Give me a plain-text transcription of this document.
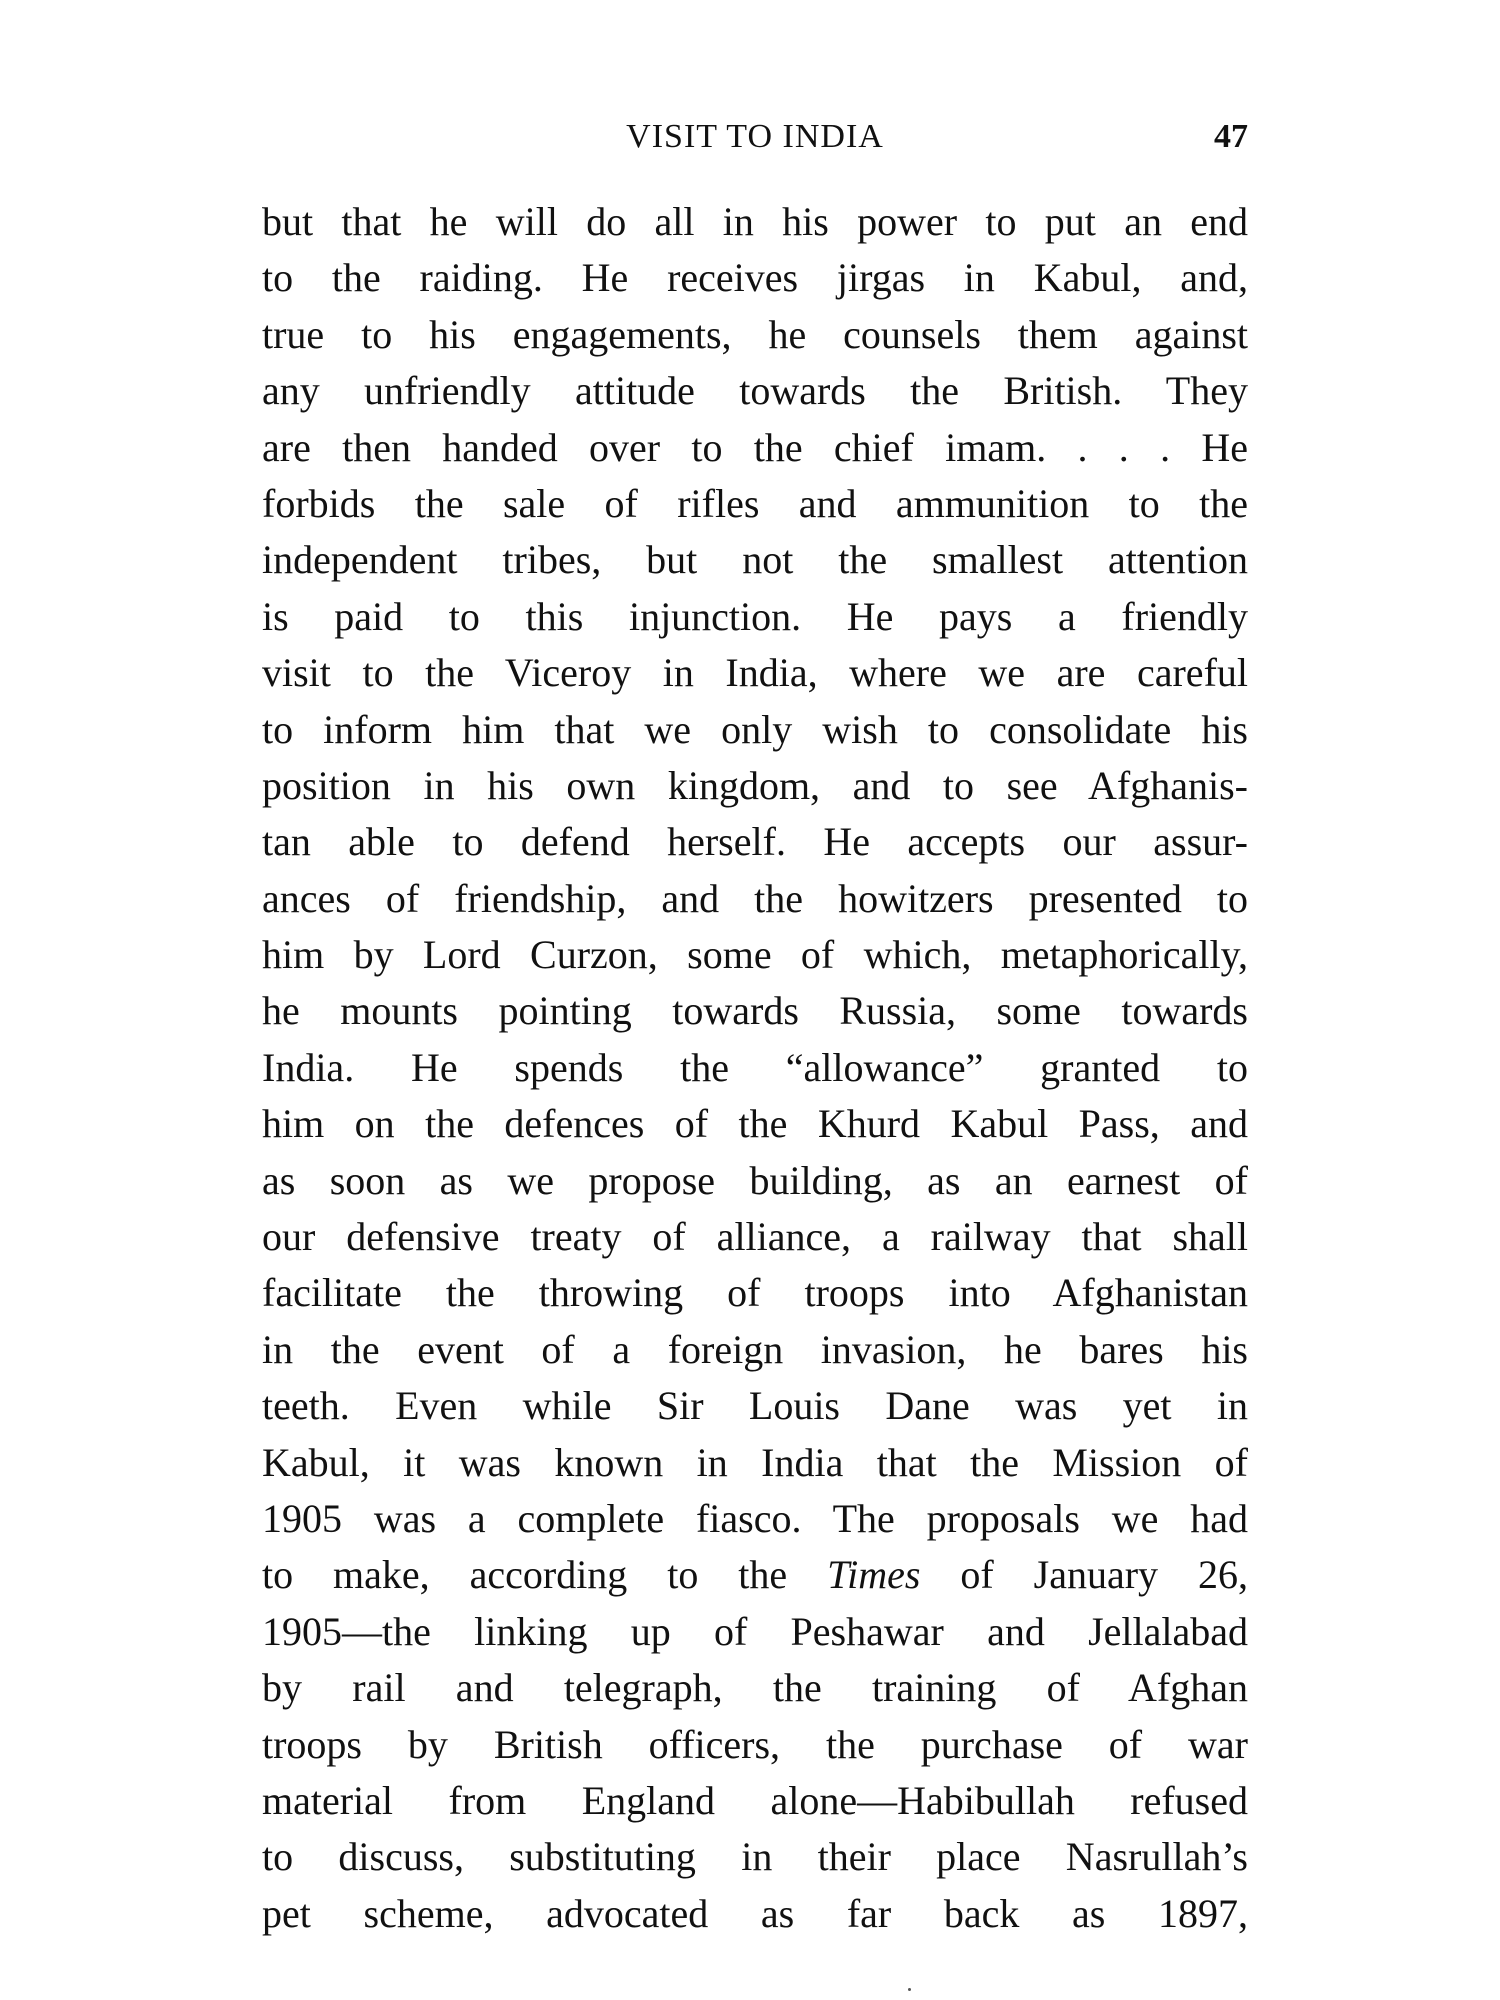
VISIT TO INDIA	47
but that he will do all in his power to put an end
to the raiding. He receives jirgas in Kabul, and,
true to his engagements, he counsels them against
any unfriendly attitude towards the British. They
are then handed over to the chief imam. . . . He
forbids the sale of rifles and ammunition to the
independent tribes, but not the smallest attention
is paid to this injunction. He pays a friendly
visit to the Viceroy in India, where we are careful
to inform him that we only wish to consolidate his
position in his own kingdom, and to see Afghanis-
tan able to defend herself. He accepts our assur-
ances of friendship, and the howitzers presented to
him by Lord Curzon, some of which, metaphorically,
he mounts pointing towards Russia, some towards
India. He spends the “allowance” granted to
him on the defences of the Khurd Kabul Pass, and
as soon as we propose building, as an earnest of
our defensive treaty of alliance, a railway that shall
facilitate the throwing of troops into Afghanistan
in the event of a foreign invasion, he bares his
teeth. Even while Sir Louis Dane was yet in
Kabul, it was known in India that the Mission of
1905 was a complete fiasco. The proposals we had
to make, according to the Times of January 26,
1905—the linking up of Peshawar and Jellalabad
by rail and telegraph, the training of Afghan
troops by British officers, the purchase of war
material from England alone—Habibullah refused
to discuss, substituting in their place Nasrullah’s
pet scheme, advocated as far back as 1897,
